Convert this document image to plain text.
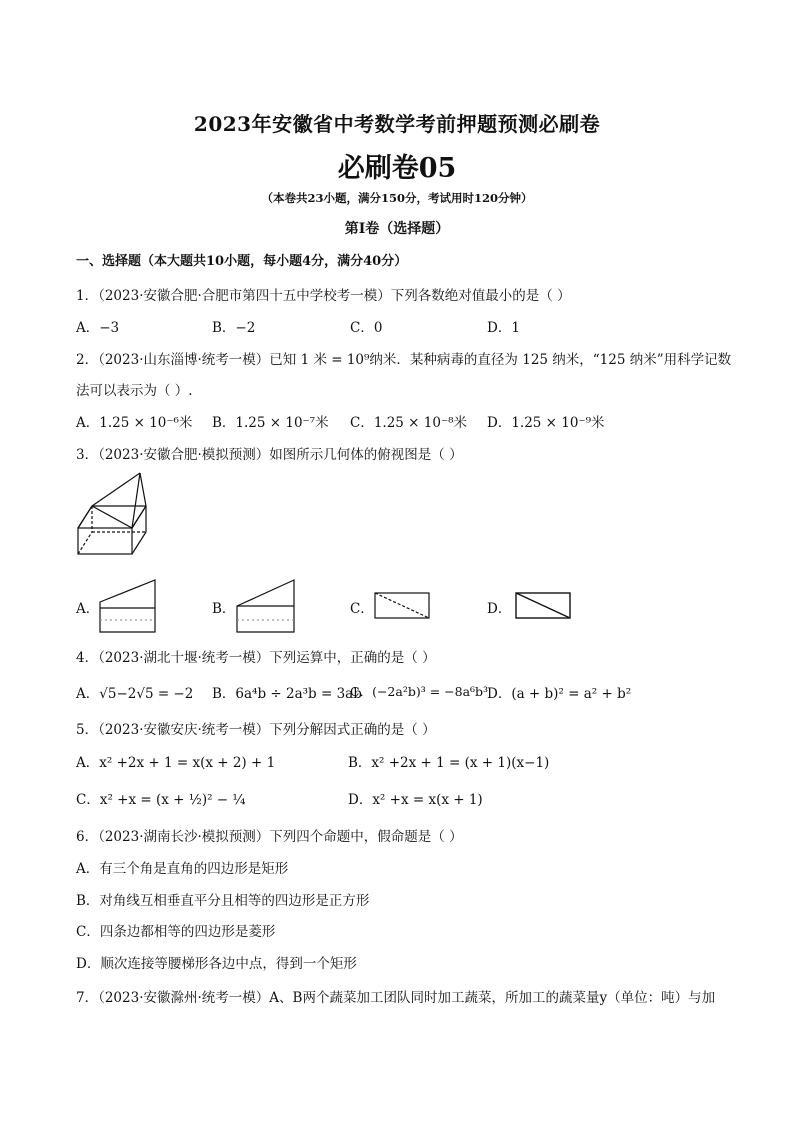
2023年安徽省中考数学考前押题预测必刷卷
必刷卷05
（本卷共23小题，满分150分，考试用时120分钟）
第I卷（选择题）
一、选择题（本大题共10小题，每小题4分，满分40分）
1．（2023·安徽合肥·合肥市第四十五中学校考一模）下列各数绝对值最小的是（ ）
A．−3	B．−2	C．0	D．1
2．（2023·山东淄博·统考一模）已知 1 米 = 10⁹纳米．某种病毒的直径为 125 纳米，“125 纳米”用科学记数
法可以表示为（ ）.
A．1.25 × 10⁻⁶米 B．1.25 × 10⁻⁷米 C．1.25 × 10⁻⁸米 D．1.25 × 10⁻⁹米
3．（2023·安徽合肥·模拟预测）如图所示几何体的俯视图是（ ）
A．	B．	C．	D．
4．（2023·湖北十堰·统考一模）下列运算中，正确的是（ ）
A．√5−2√5 = −2 B．6a⁴b ÷ 2a³b = 3ab
C．(−2a²b)³ = −8a⁶b³
D．(a + b)² = a² + b²
5．（2023·安徽安庆·统考一模）下列分解因式正确的是（ ）
A．x² +2x + 1 = x(x + 2) + 1	B．x² +2x + 1 = (x + 1)(x−1)
C．x² +x = (x + ½)² − ¼	D．x² +x = x(x + 1)
6．（2023·湖南长沙·模拟预测）下列四个命题中，假命题是（ ）
A．有三个角是直角的四边形是矩形
B．对角线互相垂直平分且相等的四边形是正方形
C．四条边都相等的四边形是菱形
D．顺次连接等腰梯形各边中点，得到一个矩形
7．（2023·安徽滁州·统考一模）A、B两个蔬菜加工团队同时加工蔬菜，所加工的蔬菜量y（单位：吨）与加
